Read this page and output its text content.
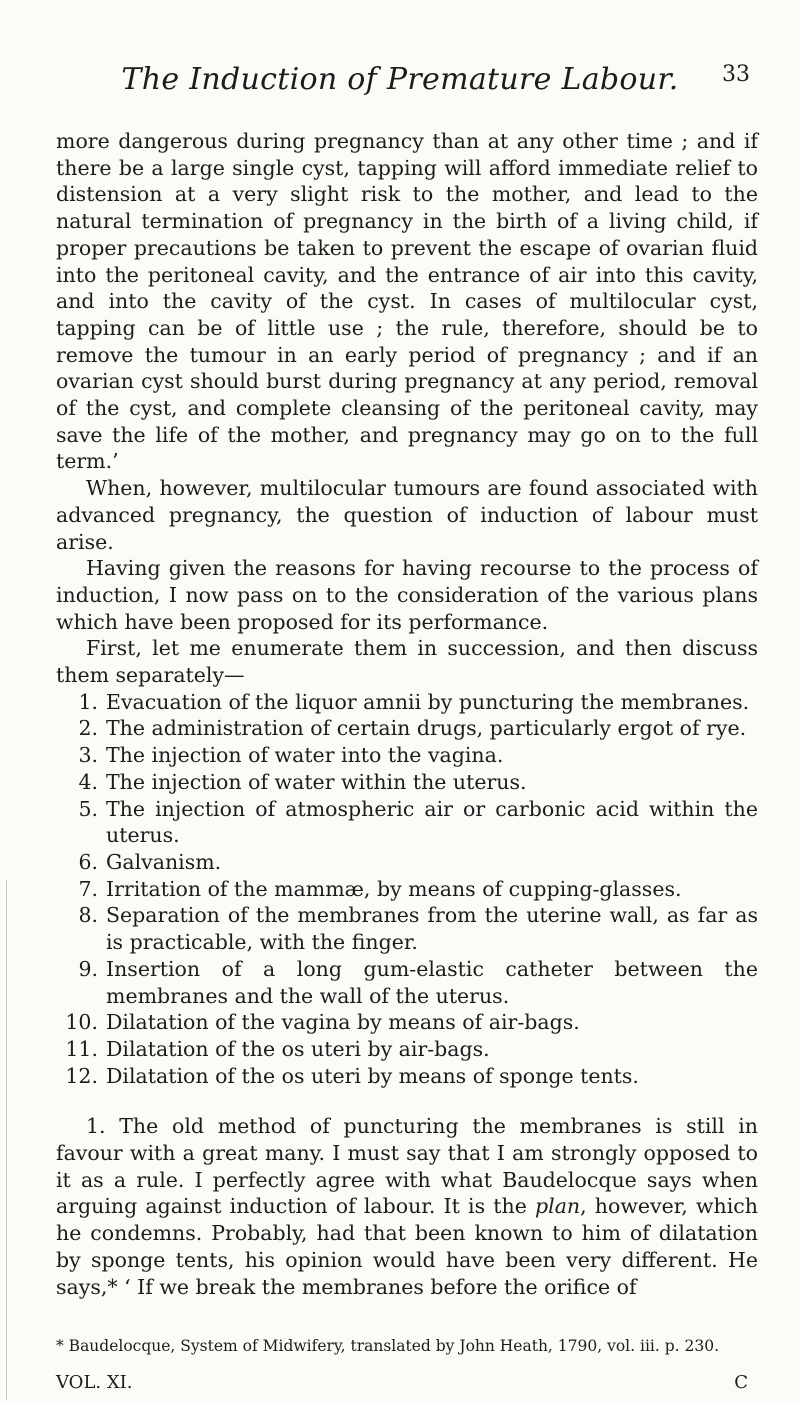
The Induction of Premature Labour.	33

more dangerous during pregnancy than at any other time ; and if there be a large single cyst, tapping will afford immediate relief to distension at a very slight risk to the mother, and lead to the natural termination of pregnancy in the birth of a living child, if proper precautions be taken to prevent the escape of ovarian fluid into the peritoneal cavity, and the entrance of air into this cavity, and into the cavity of the cyst. In cases of multilocular cyst, tapping can be of little use ; the rule, therefore, should be to remove the tumour in an early period of pregnancy ; and if an ovarian cyst should burst during pregnancy at any period, removal of the cyst, and complete cleansing of the peritoneal cavity, may save the life of the mother, and pregnancy may go on to the full term.’

When, however, multilocular tumours are found associated with advanced pregnancy, the question of induction of labour must arise.

Having given the reasons for having recourse to the process of induction, I now pass on to the consideration of the various plans which have been proposed for its performance.

First, let me enumerate them in succession, and then discuss them separately—

1. Evacuation of the liquor amnii by puncturing the membranes.
2. The administration of certain drugs, particularly ergot of rye.
3. The injection of water into the vagina.
4. The injection of water within the uterus.
5. The injection of atmospheric air or carbonic acid within the uterus.
6. Galvanism.
7. Irritation of the mammæ, by means of cupping-glasses.
8. Separation of the membranes from the uterine wall, as far as is practicable, with the finger.
9. Insertion of a long gum-elastic catheter between the membranes and the wall of the uterus.
10. Dilatation of the vagina by means of air-bags.
11. Dilatation of the os uteri by air-bags.
12. Dilatation of the os uteri by means of sponge tents.

1. The old method of puncturing the membranes is still in favour with a great many. I must say that I am strongly opposed to it as a rule. I perfectly agree with what Baudelocque says when arguing against induction of labour. It is the plan, however, which he condemns. Probably, had that been known to him of dilatation by sponge tents, his opinion would have been very different. He says,* ‘ If we break the membranes before the orifice of

* Baudelocque, System of Midwifery, translated by John Heath, 1790, vol. iii. p. 230.
VOL. XI.	C
